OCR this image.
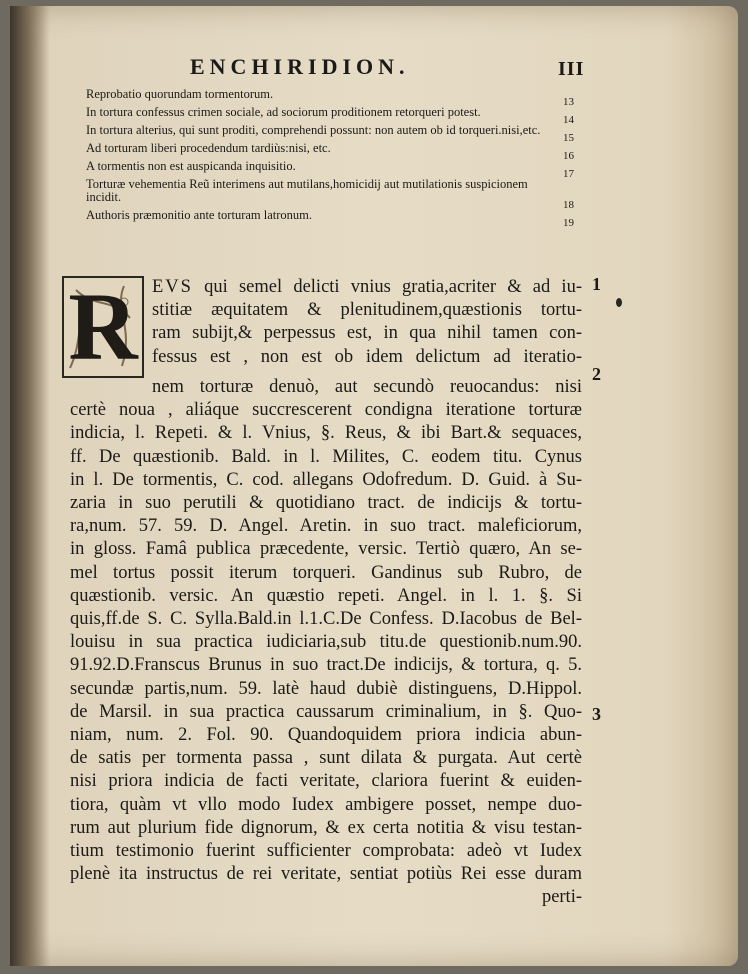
ENCHIRIDION.	III
Reprobatio quorundam tormentorum.
13
In tortura confessus crimen sociale, ad sociorum proditionem retorqueri potest.
14
In tortura alterius, qui sunt proditi, comprehendi possunt: non autem ob id torqueri.nisi,etc.
15
Ad torturam liberi procedendum tardiùs:nisi, etc.
16
A tormentis non est auspicanda inquisitio.
17
Torturæ vehementia Reũ interimens aut mutilans,homicidij aut mutilationis suspicionem incidit.
18
Authoris præmonitio ante torturam latronum.
19
R EVS qui semel delicti vnius gratia,acriter & ad iu-
stitiæ æquitatem & plenitudinem,quæstionis tortu-
ram subijt,& perpessus est, in qua nihil tamen con-
fessus est , non est ob idem delictum ad iteratio-
nem torturæ denuò, aut secundò reuocandus: nisi
certè noua , aliáque succrescerent condigna iteratione torturæ
indicia, l. Repeti. & l. Vnius, §. Reus, & ibi Bart.& sequaces,
ff. De quæstionib. Bald. in l. Milites, C. eodem titu. Cynus
in l. De tormentis, C. cod. allegans Odofredum. D. Guid. à Su-
zaria in suo perutili & quotidiano tract. de indicijs & tortu-
ra,num. 57. 59. D. Angel. Aretin. in suo tract. maleficiorum,
in gloss. Famâ publica præcedente, versic. Tertiò quæro, An se-
mel tortus possit iterum torqueri. Gandinus sub Rubro, de
quæstionib. versic. An quæstio repeti. Angel. in l. 1. §. Si
quis,ff.de S. C. Sylla.Bald.in l.1.C.De Confess. D.Iacobus de Bel-
louisu in sua practica iudiciaria,sub titu.de questionib.num.90.
91.92.D.Franscus Brunus in suo tract.De indicijs, & tortura, q. 5.
secundæ partis,num. 59. latè haud dubiè distinguens, D.Hippol.
de Marsil. in sua practica caussarum criminalium, in §. Quo-
niam, num. 2. Fol. 90. Quandoquidem priora indicia abun-
de satis per tormenta passa , sunt dilata & purgata. Aut certè
nisi priora indicia de facti veritate, clariora fuerint & euiden-
tiora, quàm vt vllo modo Iudex ambigere posset, nempe duo-
rum aut plurium fide dignorum, & ex certa notitia & visu testan-
tium testimonio fuerint sufficienter comprobata: adeò vt Iudex
plenè ita instructus de rei veritate, sentiat potiùs Rei esse duram
perti-
1
2
3
